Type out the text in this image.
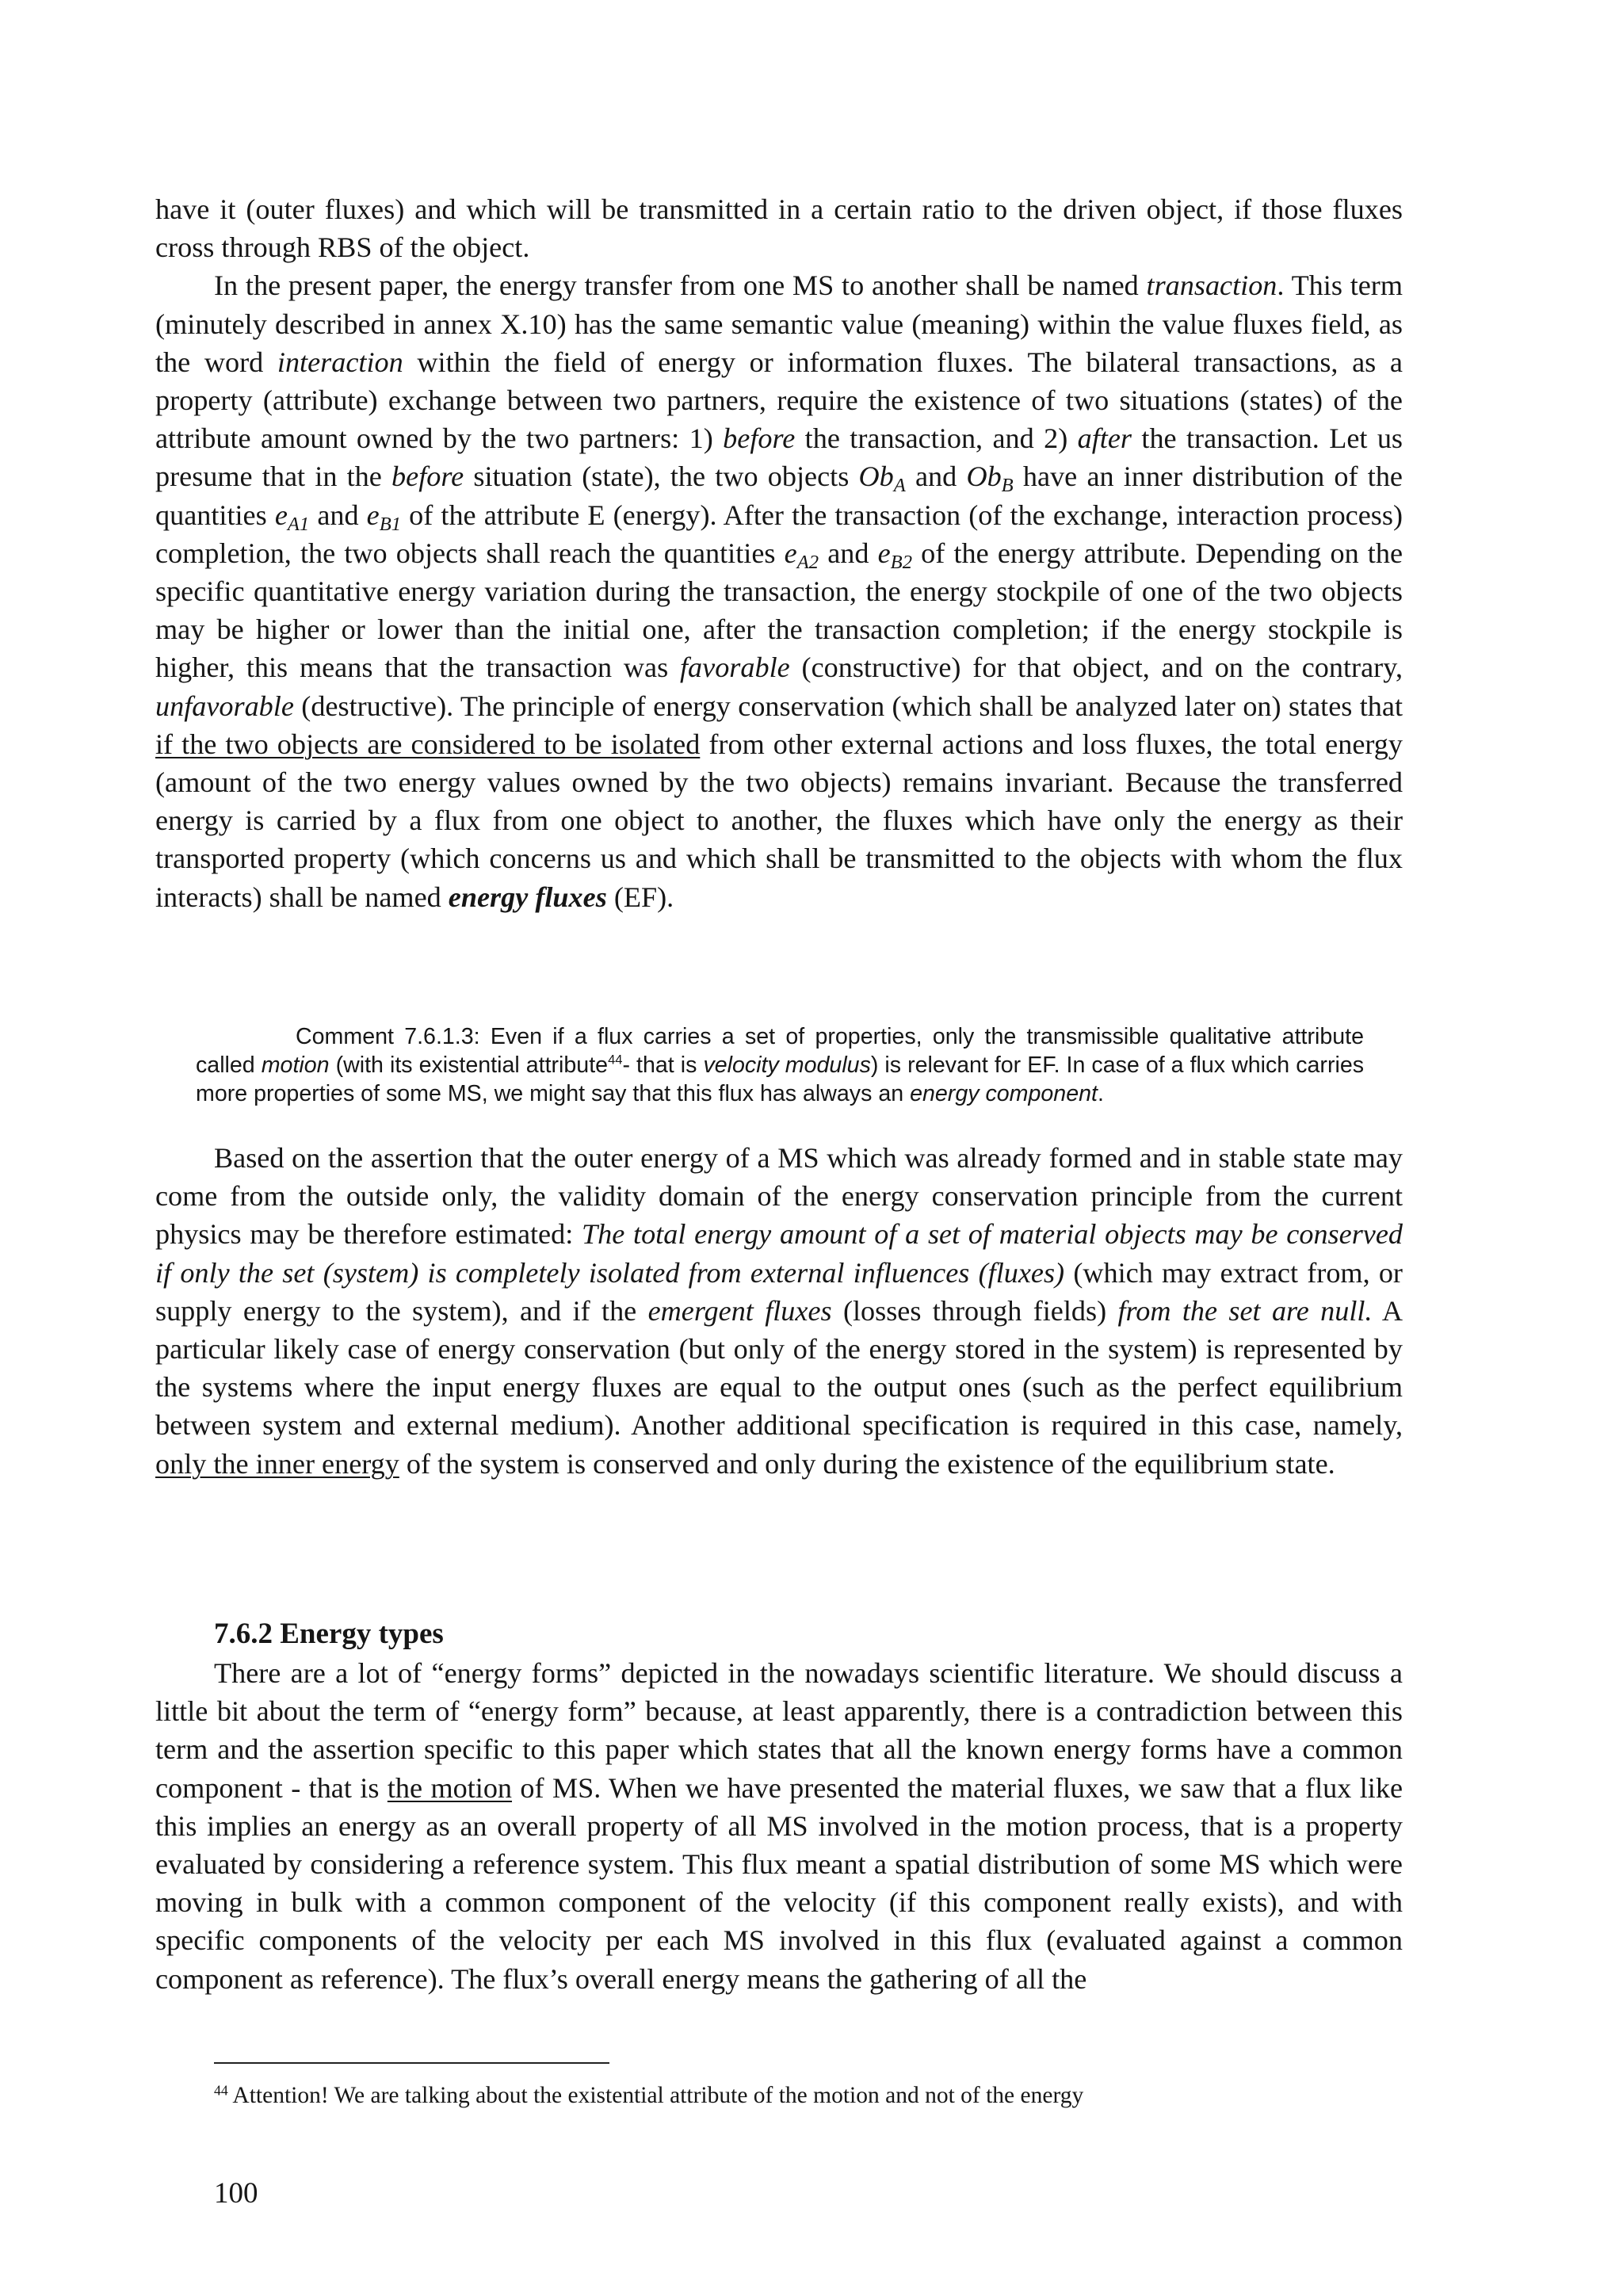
have it (outer fluxes) and which will be transmitted in a certain ratio to the driven object, if those fluxes cross through RBS of the object.

In the present paper, the energy transfer from one MS to another shall be named transaction. This term (minutely described in annex X.10) has the same semantic value (meaning) within the value fluxes field, as the word interaction within the field of energy or information fluxes. The bilateral transactions, as a property (attribute) exchange between two partners, require the existence of two situations (states) of the attribute amount owned by the two partners: 1) before the transaction, and 2) after the transaction. Let us presume that in the before situation (state), the two objects $Ob_A$ and $Ob_B$ have an inner distribution of the quantities $e_{A1}$ and $e_{B1}$ of the attribute E (energy). After the transaction (of the exchange, interaction process) completion, the two objects shall reach the quantities $e_{A2}$ and $e_{B2}$ of the energy attribute. Depending on the specific quantitative energy variation during the transaction, the energy stockpile of one of the two objects may be higher or lower than the initial one, after the transaction completion; if the energy stockpile is higher, this means that the transaction was favorable (constructive) for that object, and on the contrary, unfavorable (destructive). The principle of energy conservation (which shall be analyzed later on) states that if the two objects are considered to be isolated from other external actions and loss fluxes, the total energy (amount of the two energy values owned by the two objects) remains invariant. Because the transferred energy is carried by a flux from one object to another, the fluxes which have only the energy as their transported property (which concerns us and which shall be transmitted to the objects with whom the flux interacts) shall be named energy fluxes (EF).

Comment 7.6.1.3: Even if a flux carries a set of properties, only the transmissible qualitative attribute called motion (with its existential attribute$^{44}$- that is velocity modulus) is relevant for EF. In case of a flux which carries more properties of some MS, we might say that this flux has always an energy component.

Based on the assertion that the outer energy of a MS which was already formed and in stable state may come from the outside only, the validity domain of the energy conservation principle from the current physics may be therefore estimated: The total energy amount of a set of material objects may be conserved if only the set (system) is completely isolated from external influences (fluxes) (which may extract from, or supply energy to the system), and if the emergent fluxes (losses through fields) from the set are null. A particular likely case of energy conservation (but only of the energy stored in the system) is represented by the systems where the input energy fluxes are equal to the output ones (such as the perfect equilibrium between system and external medium). Another additional specification is required in this case, namely, only the inner energy of the system is conserved and only during the existence of the equilibrium state.

7.6.2 Energy types

There are a lot of “energy forms” depicted in the nowadays scientific literature. We should discuss a little bit about the term of “energy form” because, at least apparently, there is a contradiction between this term and the assertion specific to this paper which states that all the known energy forms have a common component - that is the motion of MS. When we have presented the material fluxes, we saw that a flux like this implies an energy as an overall property of all MS involved in the motion process, that is a property evaluated by considering a reference system. This flux meant a spatial distribution of some MS which were moving in bulk with a common component of the velocity (if this component really exists), and with specific components of the velocity per each MS involved in this flux (evaluated against a common component as reference). The flux’s overall energy means the gathering of all the

$^{44}$ Attention! We are talking about the existential attribute of the motion and not of the energy
100
